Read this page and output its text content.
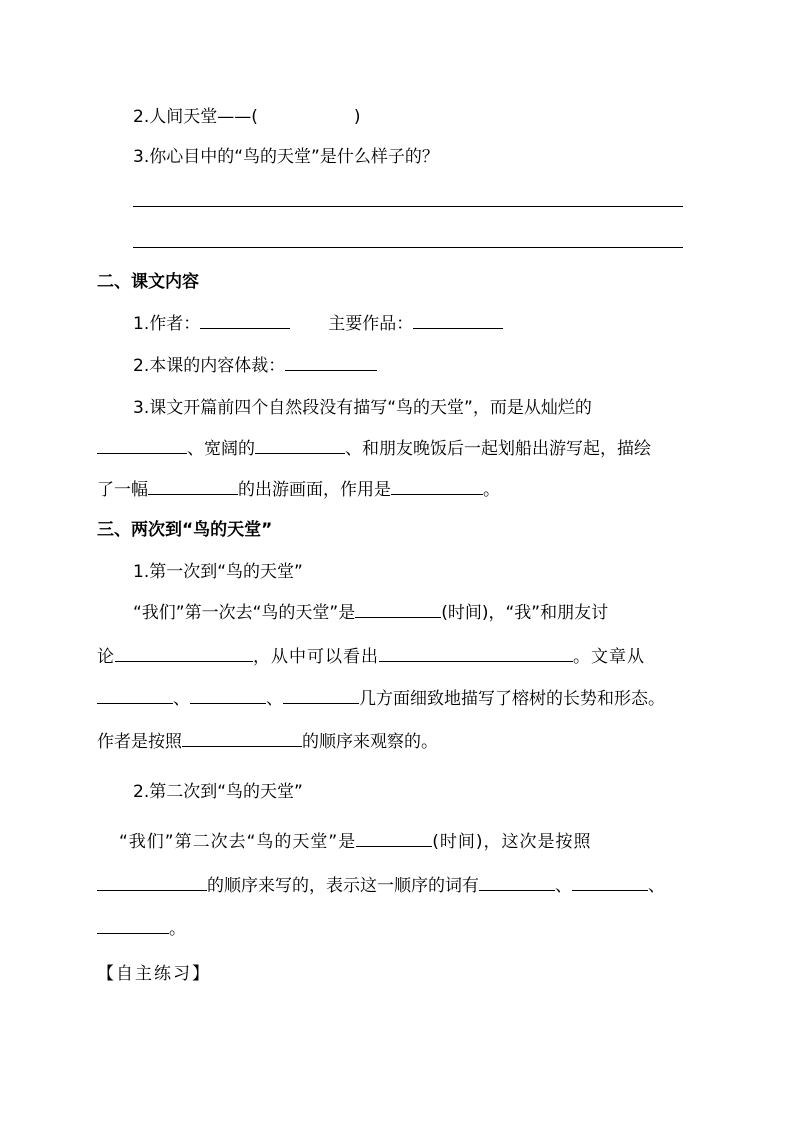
2.人间天堂——(	)
3.你心目中的“鸟的天堂”是什么样子的？
二、课文内容
1.作者：	主要作品：
2.本课的内容体裁：
3.课文开篇前四个自然段没有描写“鸟的天堂”，而是从灿烂的
、宽阔的	、和朋友晚饭后一起划船出游写起，描绘
了一幅	的出游画面，作用是	。
三、两次到“鸟的天堂”
1.第一次到“鸟的天堂”
“我们”第一次去“鸟的天堂”是	(时间)，“我”和朋友讨
论	，从中可以看出	。文章从
、	、	几方面细致地描写了榕树的长势和形态。
作者是按照	的顺序来观察的。
2.第二次到“鸟的天堂”
“我们”第二次去“鸟的天堂”是	(时间)，这次是按照
的顺序来写的，表示这一顺序的词有	、	、
。
【自主练习】
